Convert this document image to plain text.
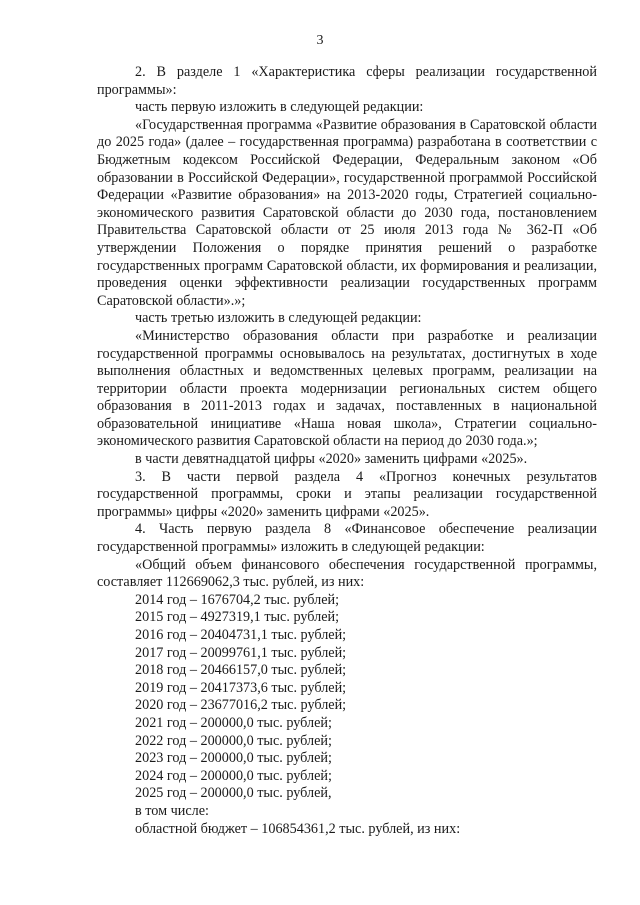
3

2. В разделе 1 «Характеристика сферы реализации государственной программы»:

часть первую изложить в следующей редакции:

«Государственная программа «Развитие образования в Саратовской области до 2025 года» (далее – государственная программа) разработана в соответствии с Бюджетным кодексом Российской Федерации, Федеральным законом «Об образовании в Российской Федерации», государственной программой Российской Федерации «Развитие образования» на 2013-2020 годы, Стратегией социально-экономического развития Саратовской области до 2030 года, постановлением Правительства Саратовской области от 25 июля 2013 года № 362-П «Об утверждении Положения о порядке принятия решений о разработке государственных программ Саратовской области, их формирования и реализации, проведения оценки эффективности реализации государственных программ Саратовской области».»;

часть третью изложить в следующей редакции:

«Министерство образования области при разработке и реализации государственной программы основывалось на результатах, достигнутых в ходе выполнения областных и ведомственных целевых программ, реализации на территории области проекта модернизации региональных систем общего образования в 2011-2013 годах и задачах, поставленных в национальной образовательной инициативе «Наша новая школа», Стратегии социально-экономического развития Саратовской области на период до 2030 года.»;

в части девятнадцатой цифры «2020» заменить цифрами «2025».

3. В части первой раздела 4 «Прогноз конечных результатов государственной программы, сроки и этапы реализации государственной программы» цифры «2020» заменить цифрами «2025».

4. Часть первую раздела 8 «Финансовое обеспечение реализации государственной программы» изложить в следующей редакции:

«Общий объем финансового обеспечения государственной программы, составляет 112669062,3 тыс. рублей, из них:

2014 год – 1676704,2 тыс. рублей;
2015 год – 4927319,1 тыс. рублей;
2016 год – 20404731,1 тыс. рублей;
2017 год – 20099761,1 тыс. рублей;
2018 год – 20466157,0 тыс. рублей;
2019 год – 20417373,6 тыс. рублей;
2020 год – 23677016,2 тыс. рублей;
2021 год – 200000,0 тыс. рублей;
2022 год – 200000,0 тыс. рублей;
2023 год – 200000,0 тыс. рублей;
2024 год – 200000,0 тыс. рублей;
2025 год – 200000,0 тыс. рублей,

в том числе:

областной бюджет – 106854361,2 тыс. рублей, из них:
